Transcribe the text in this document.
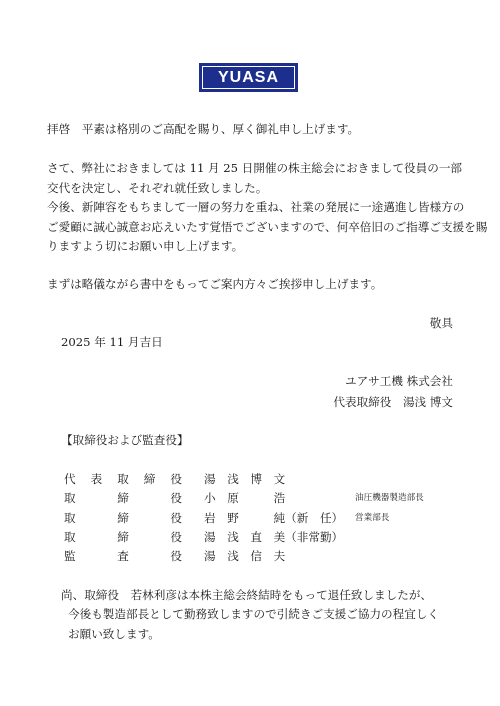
YUASA
拝啓　平素は格別のご高配を賜り、厚く御礼申し上げます。
さて、弊社におきましては 11 月 25 日開催の株主総会におきまして役員の一部
交代を決定し、それぞれ就任致しました。
今後、新陣容をもちまして一層の努力を重ね、社業の発展に一途邁進し皆様方の
ご愛顧に誠心誠意お応えいたす覚悟でございますので、何卒倍旧のご指導ご支援を賜
りますよう切にお願い申し上げます。
まずは略儀ながら書中をもってご案内方々ご挨拶申し上げます。
敬具
2025 年 11 月吉日
ユアサ工機 株式会社
代表取締役　湯浅 博文
【取締役および監査役】
代 表 取 締 役 湯　浅　博　文
取	締	役 小　原　　　浩	油圧機器製造部長
取	締	役 岩　野　　　純（新　任） 営業部長
取	締	役 湯　浅　直　美（非常勤）
監	査	役 湯　浅　信　夫
尚、取締役　若林利彦は本株主総会終結時をもって退任致しましたが、
今後も製造部長として勤務致しますので引続きご支援ご協力の程宜しく
お願い致します。
